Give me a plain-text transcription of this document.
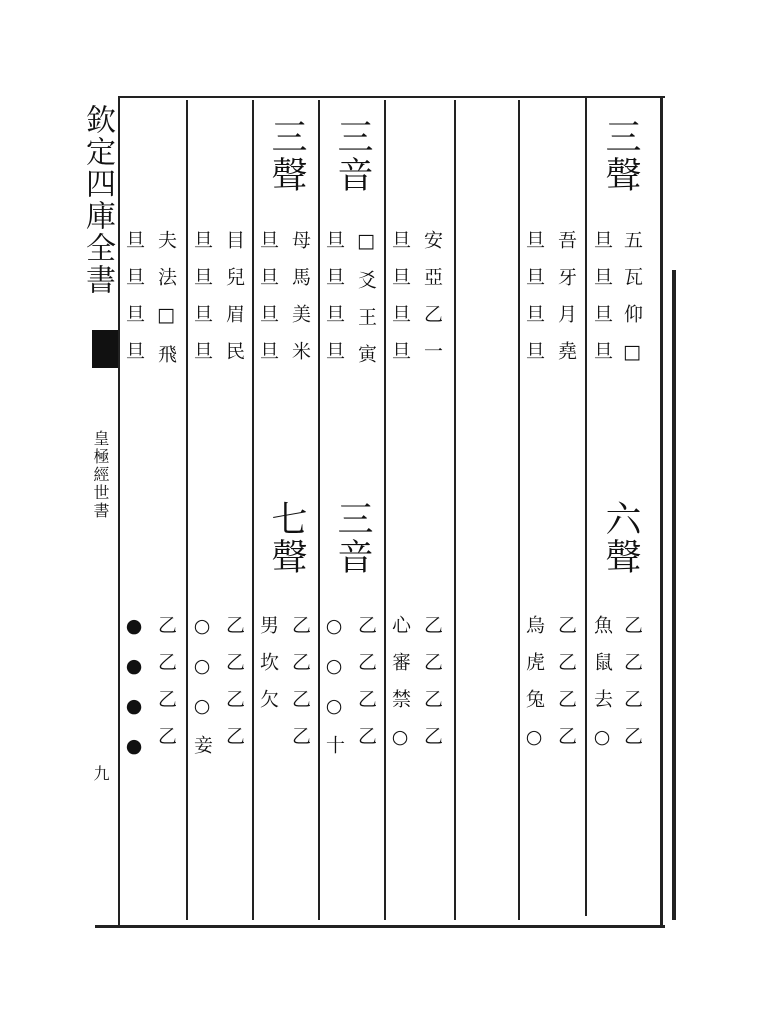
欽定四庫全書
皇極經世書
九
三聲
五瓦仰□
旦旦旦旦
六聲
乙乙乙乙
魚鼠去○
吾牙月堯
旦旦旦旦
乙乙乙乙
烏虎兔○
安亞乙一
旦旦旦旦
乙乙乙乙
心審禁○
三音
□爻王寅
旦旦旦旦
三音
乙乙乙乙
○○○十
三聲
母馬美米
旦旦旦旦
七聲
乙乙乙乙
男坎欠
目兒眉民
旦旦旦旦
乙乙乙乙
○○○妾
夫法□飛
旦旦旦旦
乙乙乙乙
●●●●
